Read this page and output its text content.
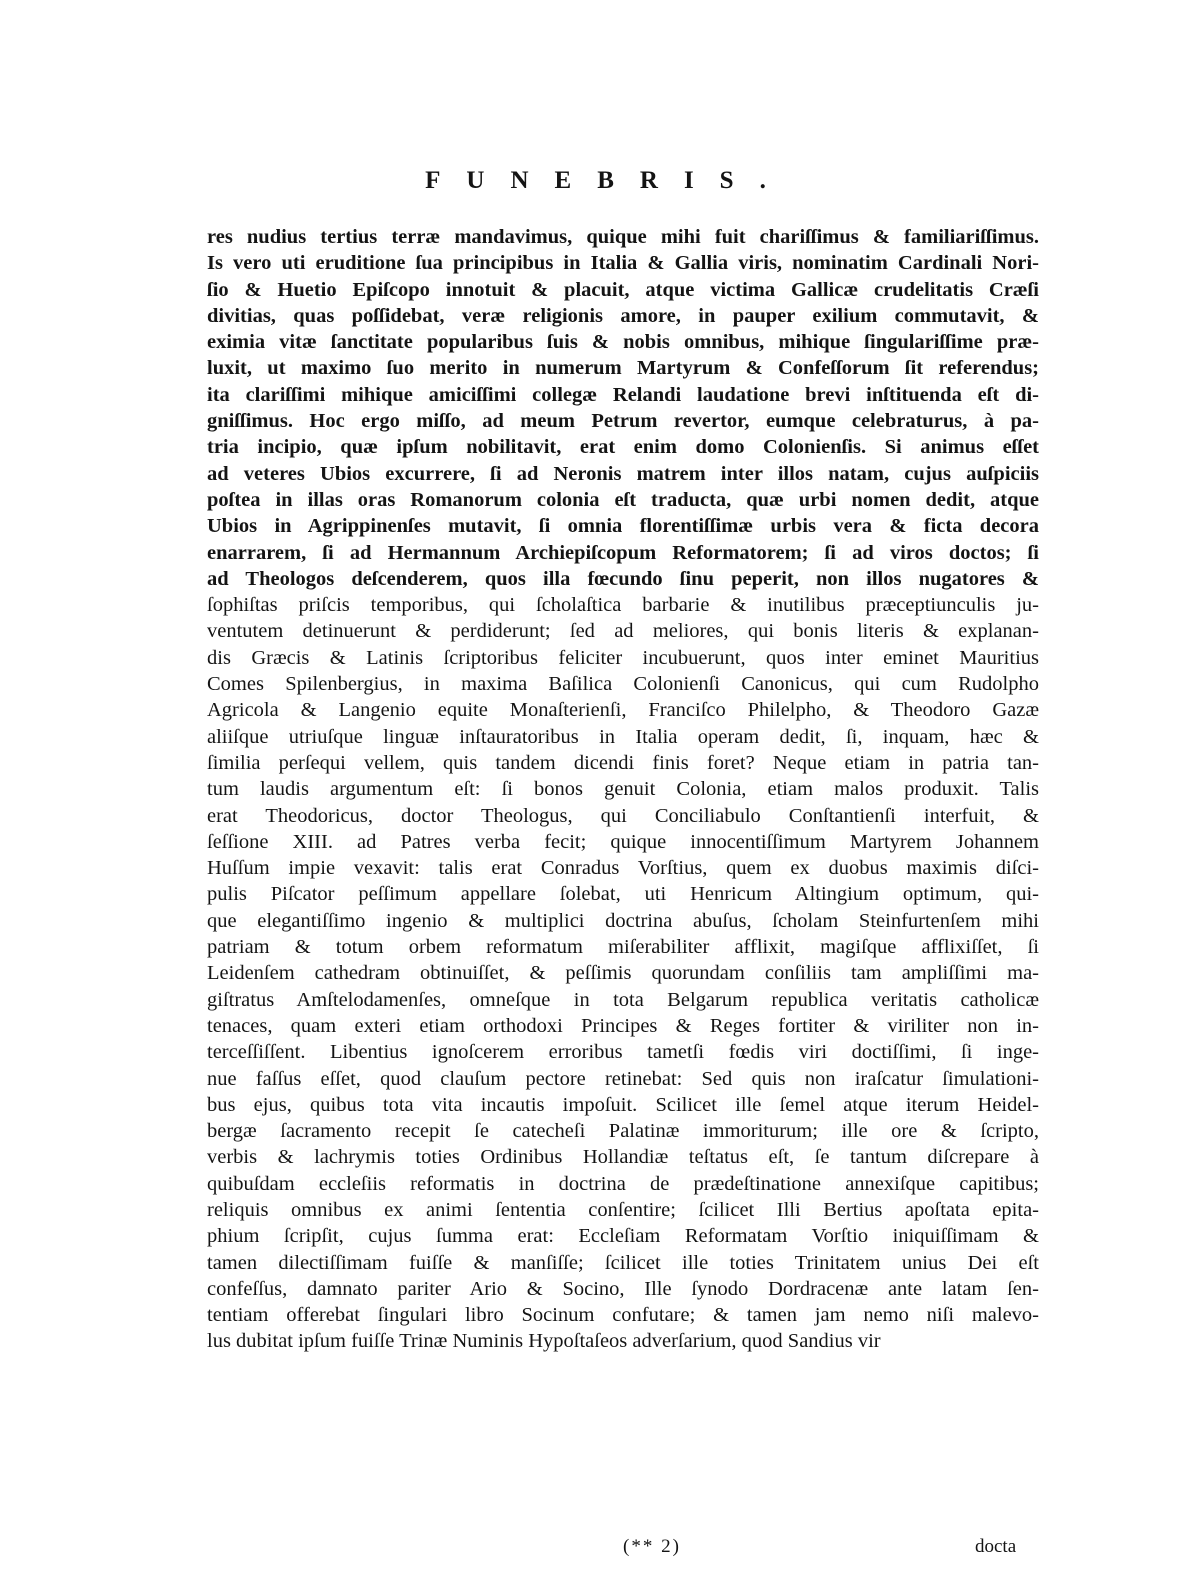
FUNEBRIS.
res nudius tertius terræ mandavimus, quique mihi fuit chariſſimus & familiariſſimus.
Is vero uti eruditione ſua principibus in Italia & Gallia viris, nominatim Cardinali Nori-
ſio & Huetio Epiſcopo innotuit & placuit, atque victima Gallicæ crudelitatis Cræſi
divitias, quas poſſidebat, veræ religionis amore, in pauper exilium commutavit, &
eximia vitæ ſanctitate popularibus ſuis & nobis omnibus, mihique ſingulariſſime præ-
luxit, ut maximo ſuo merito in numerum Martyrum & Confeſſorum ſit referendus;
ita clariſſimi mihique amiciſſimi collegæ Relandi laudatione brevi inſtituenda eſt di-
gniſſimus. Hoc ergo miſſo, ad meum Petrum revertor, eumque celebraturus, à pa-
tria incipio, quæ ipſum nobilitavit, erat enim domo Colonienſis. Si animus eſſet
ad veteres Ubios excurrere, ſi ad Neronis matrem inter illos natam, cujus auſpiciis
poſtea in illas oras Romanorum colonia eſt traducta, quæ urbi nomen dedit, atque
Ubios in Agrippinenſes mutavit, ſi omnia florentiſſimæ urbis vera & ficta decora
enarrarem, ſi ad Hermannum Archiepiſcopum Reformatorem; ſi ad viros doctos; ſi
ad Theologos deſcenderem, quos illa fœcundo ſinu peperit, non illos nugatores &
ſophiſtas priſcis temporibus, qui ſcholaſtica barbarie & inutilibus præceptiunculis ju-
ventutem detinuerunt & perdiderunt; ſed ad meliores, qui bonis literis & explanan-
dis Græcis & Latinis ſcriptoribus feliciter incubuerunt, quos inter eminet Mauritius
Comes Spilenbergius, in maxima Baſilica Colonienſi Canonicus, qui cum Rudolpho
Agricola & Langenio equite Monaſterienſi, Franciſco Philelpho, & Theodoro Gazæ
aliiſque utriuſque linguæ inſtauratoribus in Italia operam dedit, ſi, inquam, hæc &
ſimilia perſequi vellem, quis tandem dicendi finis foret? Neque etiam in patria tan-
tum laudis argumentum eſt: ſi bonos genuit Colonia, etiam malos produxit. Talis
erat Theodoricus, doctor Theologus, qui Conciliabulo Conſtantienſi interfuit, &
ſeſſione XIII. ad Patres verba fecit; quique innocentiſſimum Martyrem Johannem
Huſſum impie vexavit: talis erat Conradus Vorſtius, quem ex duobus maximis diſci-
pulis Piſcator peſſimum appellare ſolebat, uti Henricum Altingium optimum, qui-
que elegantiſſimo ingenio & multiplici doctrina abuſus, ſcholam Steinfurtenſem mihi
patriam & totum orbem reformatum miſerabiliter afflixit, magiſque afflixiſſet, ſi
Leidenſem cathedram obtinuiſſet, & peſſimis quorundam conſiliis tam ampliſſimi ma-
giſtratus Amſtelodamenſes, omneſque in tota Belgarum republica veritatis catholicæ
tenaces, quam exteri etiam orthodoxi Principes & Reges fortiter & viriliter non in-
terceſſiſſent. Libentius ignoſcerem erroribus tametſi fœdis viri doctiſſimi, ſi inge-
nue faſſus eſſet, quod clauſum pectore retinebat: Sed quis non iraſcatur ſimulationi-
bus ejus, quibus tota vita incautis impoſuit. Scilicet ille ſemel atque iterum Heidel-
bergæ ſacramento recepit ſe catecheſi Palatinæ immoriturum; ille ore & ſcripto,
verbis & lachrymis toties Ordinibus Hollandiæ teſtatus eſt, ſe tantum diſcrepare à
quibuſdam eccleſiis reformatis in doctrina de prædeſtinatione annexiſque capitibus;
reliquis omnibus ex animi ſententia conſentire; ſcilicet Illi Bertius apoſtata epita-
phium ſcripſit, cujus ſumma erat: Eccleſiam Reformatam Vorſtio iniquiſſimam &
tamen dilectiſſimam fuiſſe & manſiſſe; ſcilicet ille toties Trinitatem unius Dei eſt
confeſſus, damnato pariter Ario & Socino, Ille ſynodo Dordracenæ ante latam ſen-
tentiam offerebat ſingulari libro Socinum confutare; & tamen jam nemo niſi malevo-
lus dubitat ipſum fuiſſe Trinæ Numinis Hypoſtaſeos adverſarium, quod Sandius vir
(** 2)	docta
